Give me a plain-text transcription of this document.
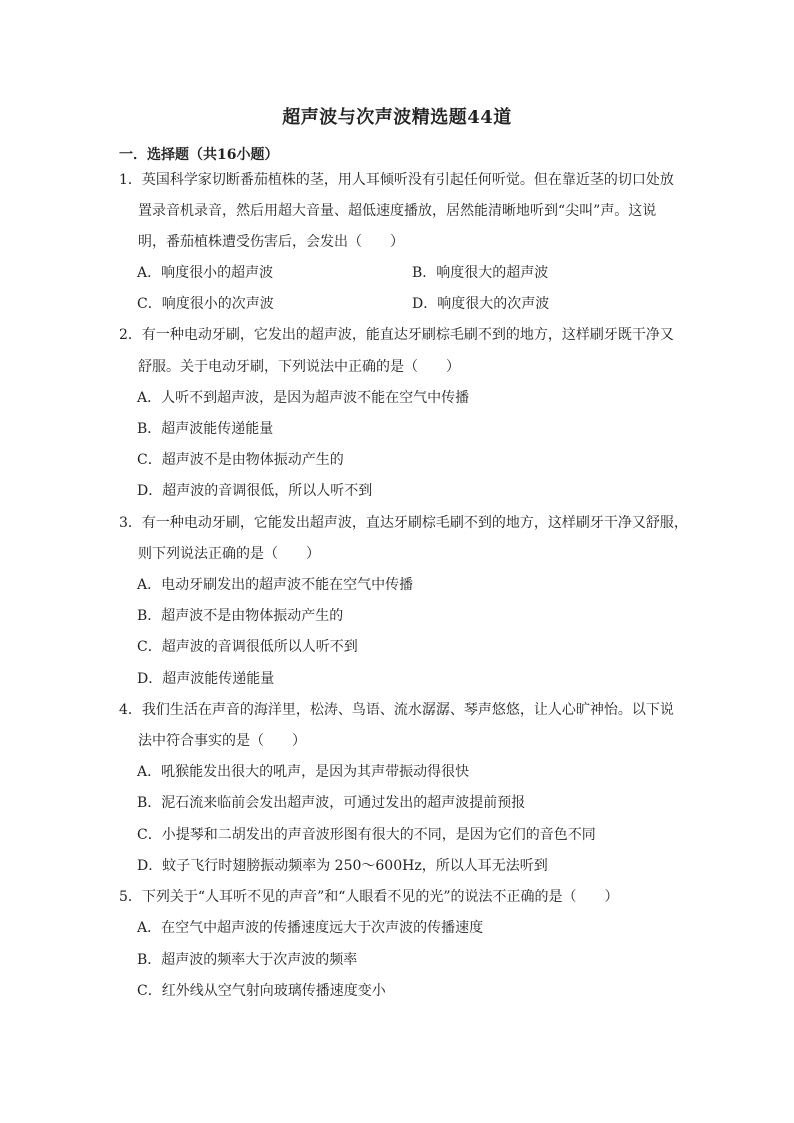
超声波与次声波精选题44道
一．选择题（共16小题）
1．英国科学家切断番茄植株的茎，用人耳倾听没有引起任何听觉。但在靠近茎的切口处放
置录音机录音，然后用超大音量、超低速度播放，居然能清晰地听到“尖叫”声。这说
明，番茄植株遭受伤害后，会发出（　　）
A．响度很小的超声波	B．响度很大的超声波
C．响度很小的次声波	D．响度很大的次声波
2．有一种电动牙刷，它发出的超声波，能直达牙刷棕毛刷不到的地方，这样刷牙既干净又
舒服。关于电动牙刷，下列说法中正确的是（　　）
A．人听不到超声波，是因为超声波不能在空气中传播
B．超声波能传递能量
C．超声波不是由物体振动产生的
D．超声波的音调很低，所以人听不到
3．有一种电动牙刷，它能发出超声波，直达牙刷棕毛刷不到的地方，这样刷牙干净又舒服，
则下列说法正确的是（　　）
A．电动牙刷发出的超声波不能在空气中传播
B．超声波不是由物体振动产生的
C．超声波的音调很低所以人听不到
D．超声波能传递能量
4．我们生活在声音的海洋里，松涛、鸟语、流水潺潺、琴声悠悠，让人心旷神怡。以下说
法中符合事实的是（　　）
A．吼猴能发出很大的吼声，是因为其声带振动得很快
B．泥石流来临前会发出超声波，可通过发出的超声波提前预报
C．小提琴和二胡发出的声音波形图有很大的不同，是因为它们的音色不同
D．蚊子飞行时翅膀振动频率为 250～600Hz，所以人耳无法听到
5．下列关于“人耳听不见的声音”和“人眼看不见的光”的说法不正确的是（　　）
A．在空气中超声波的传播速度远大于次声波的传播速度
B．超声波的频率大于次声波的频率
C．红外线从空气射向玻璃传播速度变小
